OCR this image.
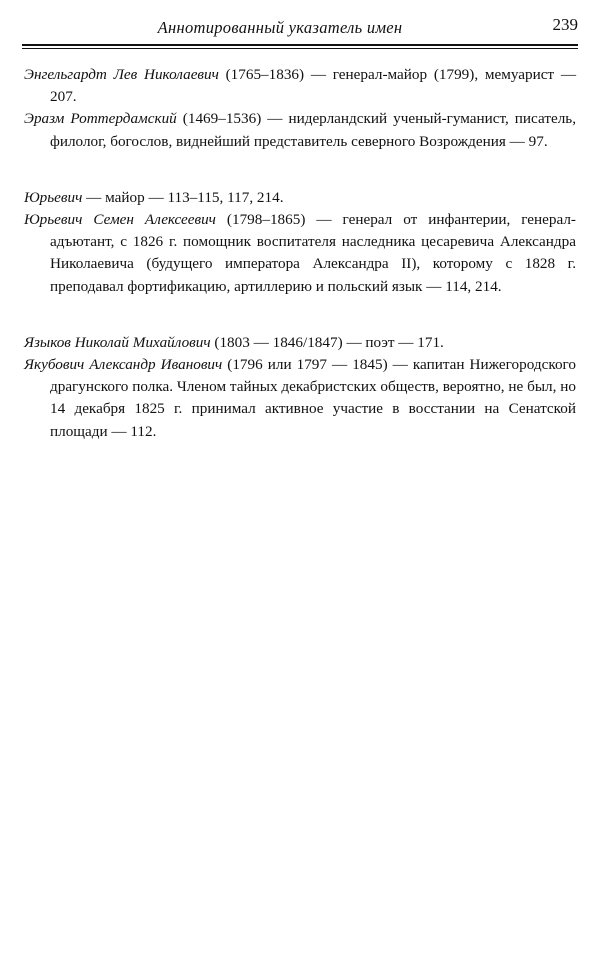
Аннотированный указатель имен	239

Энгельгардт Лев Николаевич (1765–1836) — генерал-майор (1799), мемуарист — 207.

Эразм Роттердамский (1469–1536) — нидерландский ученый-гуманист, писатель, филолог, богослов, виднейший представитель северного Возрождения — 97.

Юрьевич — майор — 113–115, 117, 214.

Юрьевич Семен Алексеевич (1798–1865) — генерал от инфантерии, генерал-адъютант, с 1826 г. помощник воспитателя наследника цесаревича Александра Николаевича (будущего императора Александра II), которому с 1828 г. преподавал фортификацию, артиллерию и польский язык — 114, 214.

Языков Николай Михайлович (1803 — 1846/1847) — поэт — 171.

Якубович Александр Иванович (1796 или 1797 — 1845) — капитан Нижегородского драгунского полка. Членом тайных декабристских обществ, вероятно, не был, но 14 декабря 1825 г. принимал активное участие в восстании на Сенатской площади — 112.
